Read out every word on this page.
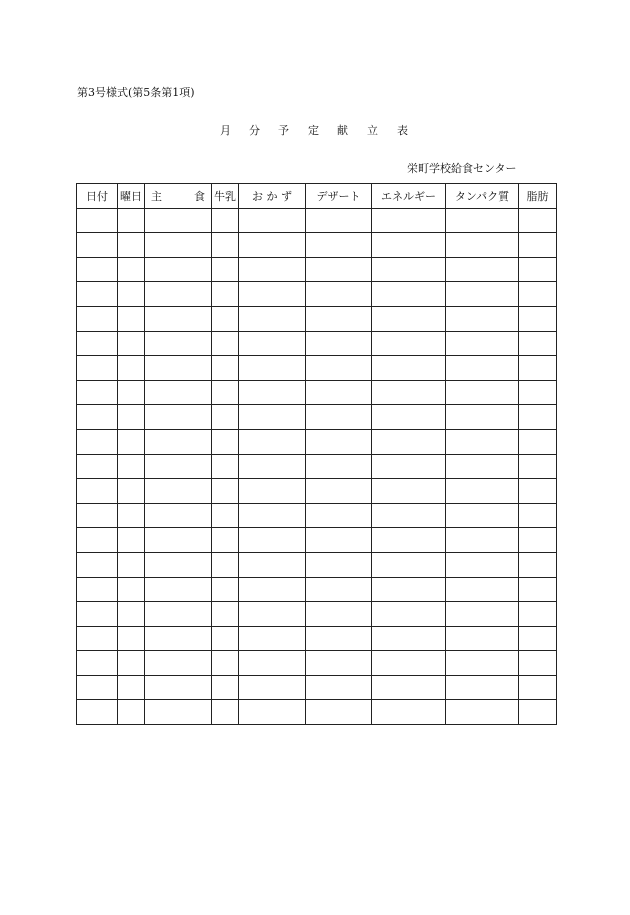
第3号様式(第5条第1項)
月 分 予 定 献 立 表
栄町学校給食センター
日付	曜日	主 食	牛乳	お か ず	デザート	エネルギー	タンパク質	脂肪
